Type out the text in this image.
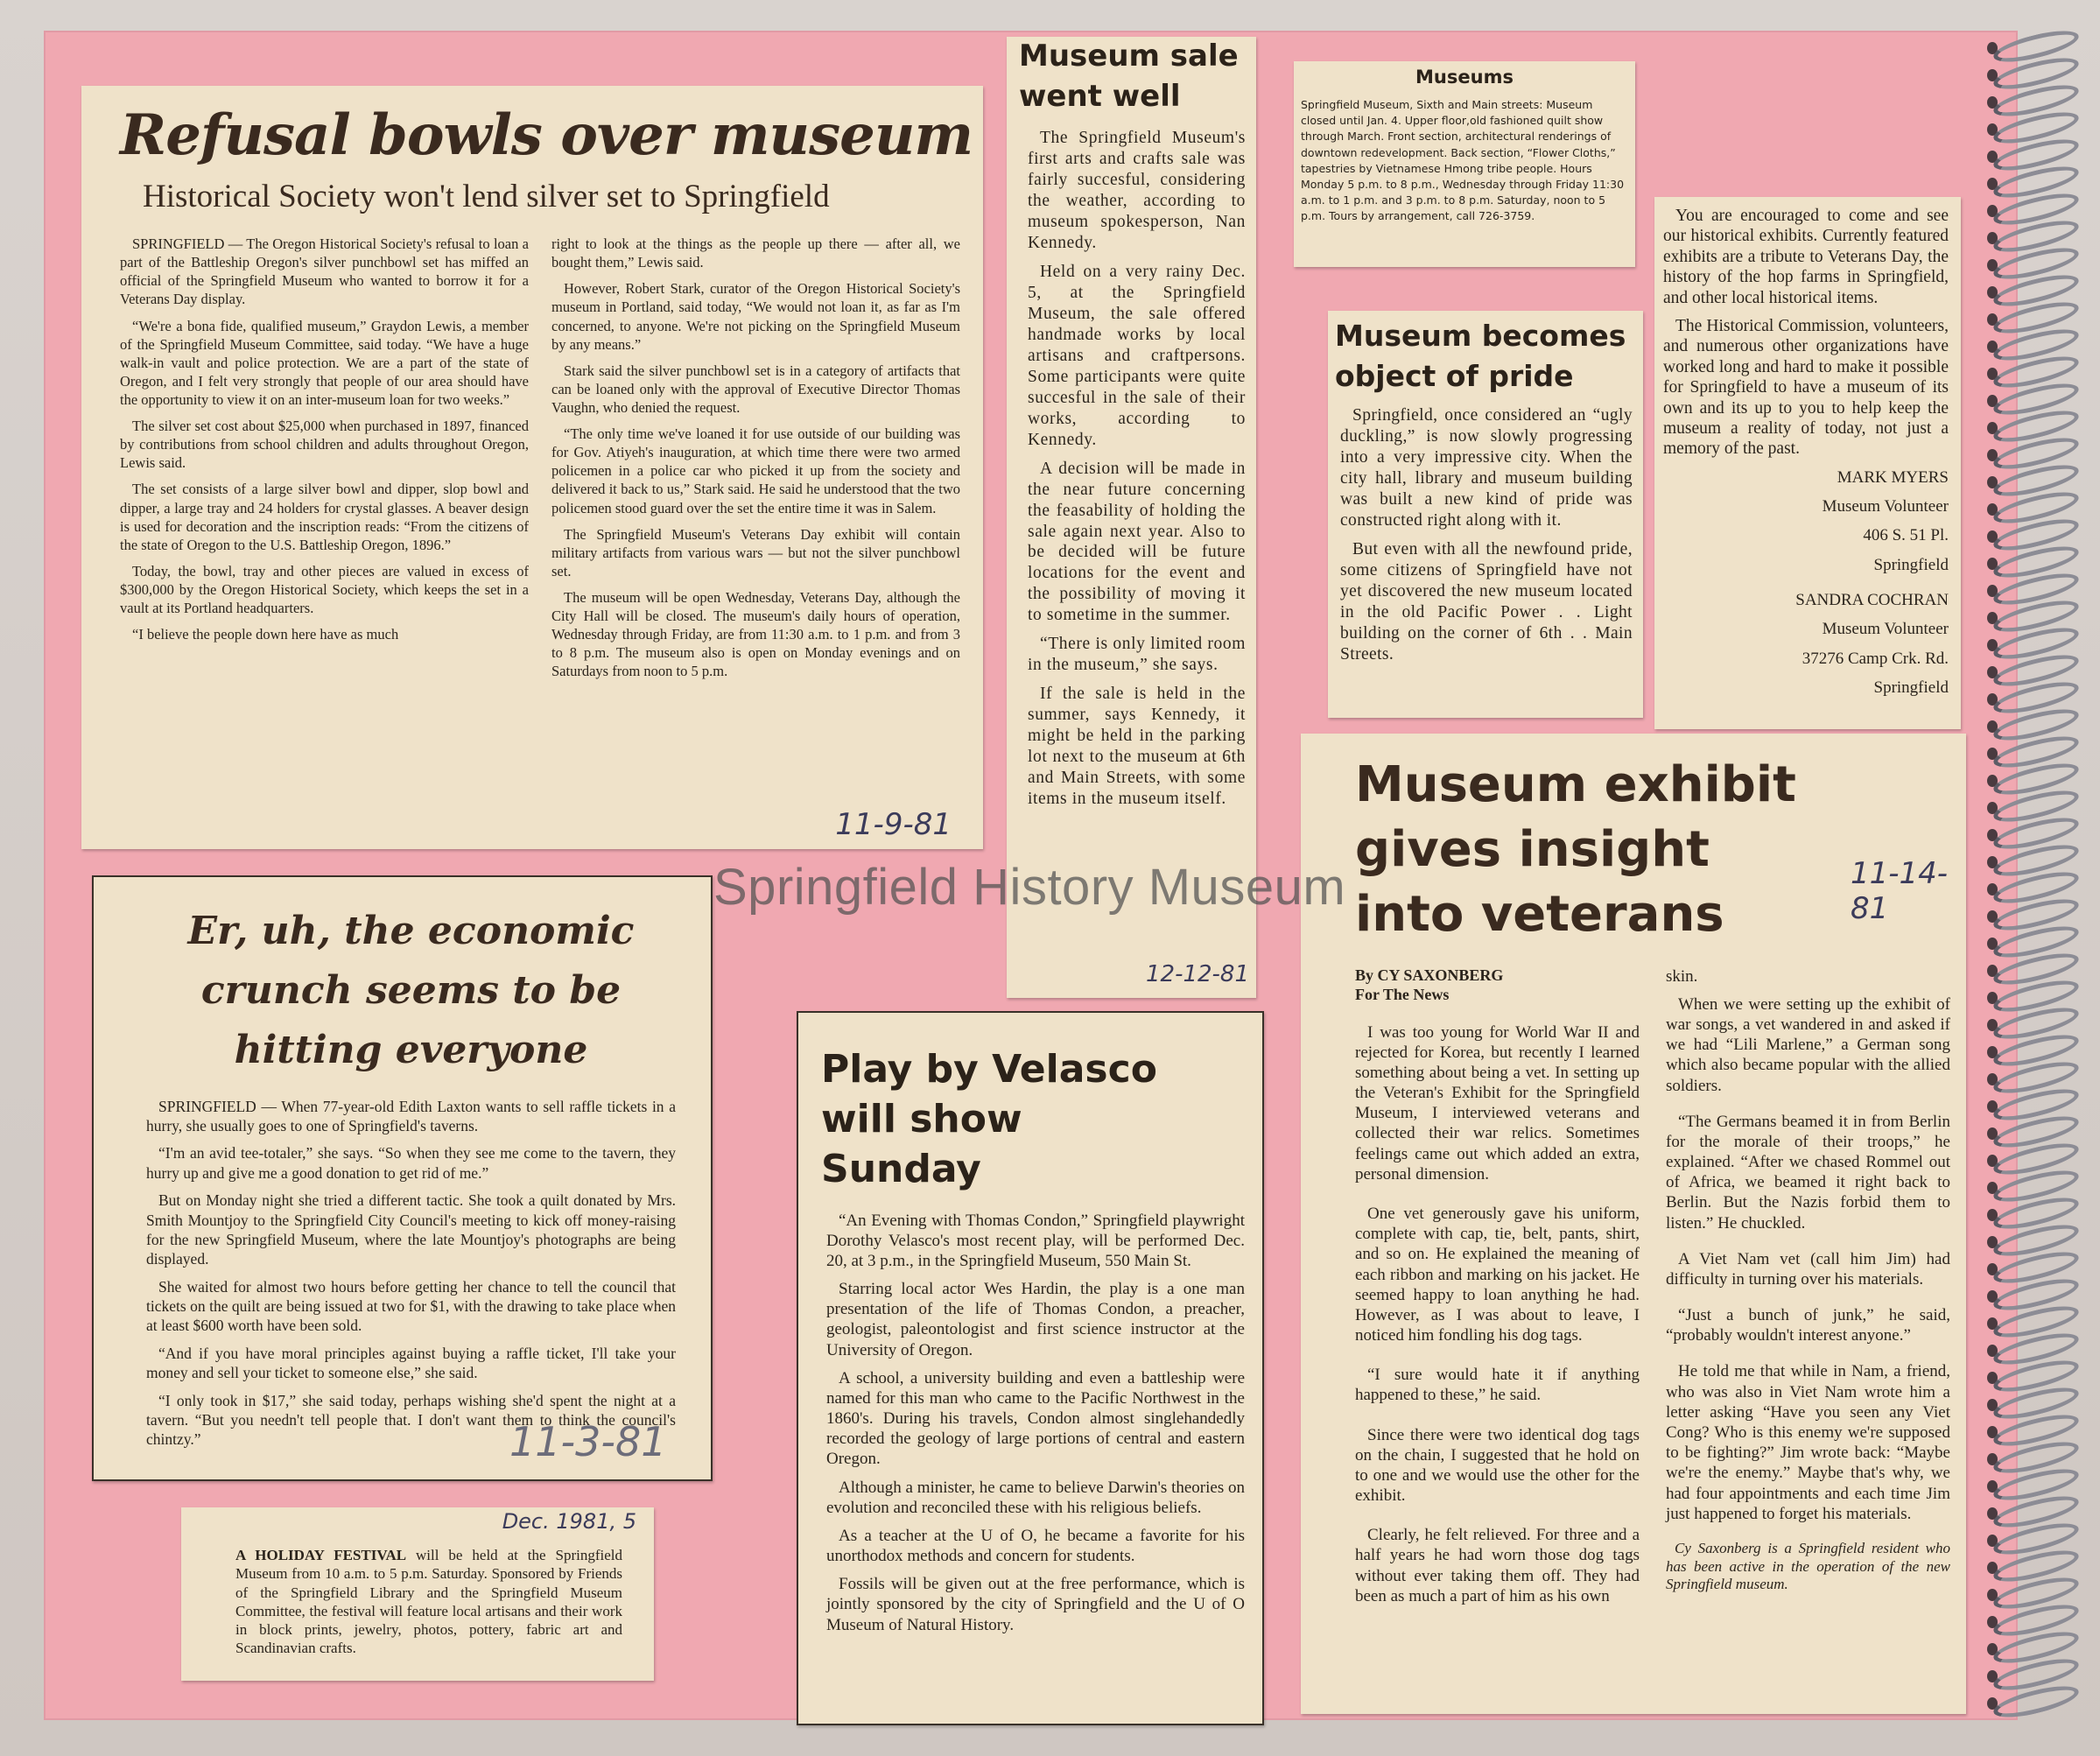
Refusal bowls over museum
Historical Society won't lend silver set to Springfield

SPRINGFIELD — The Oregon Historical Society's refusal to loan a part of the Battleship Oregon's silver punchbowl set has miffed an official of the Springfield Museum who wanted to borrow it for a Veterans Day display.

“We're a bona fide, qualified museum,” Graydon Lewis, a member of the Springfield Museum Committee, said today. “We have a huge walk-in vault and police protection. We are a part of the state of Oregon, and I felt very strongly that people of our area should have the opportunity to view it on an inter-museum loan for two weeks.”

The silver set cost about $25,000 when purchased in 1897, financed by contributions from school children and adults throughout Oregon, Lewis said.

The set consists of a large silver bowl and dipper, slop bowl and dipper, a large tray and 24 holders for crystal glasses. A beaver design is used for decoration and the inscription reads: “From the citizens of the state of Oregon to the U.S. Battleship Oregon, 1896.”

Today, the bowl, tray and other pieces are valued in excess of $300,000 by the Oregon Historical Society, which keeps the set in a vault at its Portland headquarters.

“I believe the people down here have as much

right to look at the things as the people up there — after all, we bought them,” Lewis said.

However, Robert Stark, curator of the Oregon Historical Society's museum in Portland, said today, “We would not loan it, as far as I'm concerned, to anyone. We're not picking on the Springfield Museum by any means.”

Stark said the silver punchbowl set is in a category of artifacts that can be loaned only with the approval of Executive Director Thomas Vaughn, who denied the request.

“The only time we've loaned it for use outside of our building was for Gov. Atiyeh's inauguration, at which time there were two armed policemen in a police car who picked it up from the society and delivered it back to us,” Stark said. He said he understood that the two policemen stood guard over the set the entire time it was in Salem.

The Springfield Museum's Veterans Day exhibit will contain military artifacts from various wars — but not the silver punchbowl set.

The museum will be open Wednesday, Veterans Day, although the City Hall will be closed. The museum's daily hours of operation, Wednesday through Friday, are from 11:30 a.m. to 1 p.m. and from 3 to 8 p.m. The museum also is open on Monday evenings and on Saturdays from noon to 5 p.m.

11-9-81
Museum sale went well

The Springfield Museum's first arts and crafts sale was fairly succesful, considering the weather, according to museum spokesperson, Nan Kennedy.

Held on a very rainy Dec. 5, at the Springfield Museum, the sale offered handmade works by local artisans and craftpersons. Some participants were quite succesful in the sale of their works, according to Kennedy.

A decision will be made in the near future concerning the feasability of holding the sale again next year. Also to be decided will be future locations for the event and the possibility of moving it to sometime in the summer.

“There is only limited room in the museum,” she says.

If the sale is held in the summer, says Kennedy, it might be held in the parking lot next to the museum at 6th and Main Streets, with some items in the museum itself.

12-12-81
Museums
Springfield Museum, Sixth and Main streets: Museum closed until Jan. 4. Upper floor,old fashioned quilt show through March. Front section, architectural renderings of downtown redevelopment. Back section, “Flower Cloths,” tapestries by Vietnamese Hmong tribe people. Hours Monday 5 p.m. to 8 p.m., Wednesday through Friday 11:30 a.m. to 1 p.m. and 3 p.m. to 8 p.m. Saturday, noon to 5 p.m. Tours by arrangement, call 726-3759.
Museum becomes object of pride

Springfield, once considered an “ugly duckling,” is now slowly progressing into a very impressive city. When the city hall, library and museum building was built a new kind of pride was constructed right along with it.

But even with all the newfound pride, some citizens of Springfield have not yet discovered the new museum located in the old Pacific Power . . Light building on the corner of 6th . . Main Streets.

You are encouraged to come and see our historical exhibits. Currently featured exhibits are a tribute to Veterans Day, the history of the hop farms in Springfield, and other local historical items.

The Historical Commission, volunteers, and numerous other organizations have worked long and hard to make it possible for Springfield to have a museum of its own and its up to you to help keep the museum a reality of today, not just a memory of the past.

MARK MYERS

Museum Volunteer

406 S. 51 Pl.

Springfield

SANDRA COCHRAN

Museum Volunteer

37276 Camp Crk. Rd.

Springfield

Er, uh, the economic crunch seems to be hitting everyone

SPRINGFIELD — When 77-year-old Edith Laxton wants to sell raffle tickets in a hurry, she usually goes to one of Springfield's taverns.

“I'm an avid tee-totaler,” she says. “So when they see me come to the tavern, they hurry up and give me a good donation to get rid of me.”

But on Monday night she tried a different tactic. She took a quilt donated by Mrs. Smith Mountjoy to the Springfield City Council's meeting to kick off money-raising for the new Springfield Museum, where the late Mountjoy's photographs are being displayed.

She waited for almost two hours before getting her chance to tell the council that tickets on the quilt are being issued at two for $1, with the drawing to take place when at least $600 worth have been sold.

“And if you have moral principles against buying a raffle ticket, I'll take your money and sell your ticket to someone else,” she said.

“I only took in $17,” she said today, perhaps wishing she'd spent the night at a tavern. “But you needn't tell people that. I don't want them to think the council's chintzy.”	11-3-81
Dec. 1981, 5
A HOLIDAY FESTIVAL will be held at the Springfield Museum from 10 a.m. to 5 p.m. Saturday. Sponsored by Friends of the Springfield Library and the Springfield Museum Committee, the festival will feature local artisans and their work in block prints, jewelry, photos, pottery, fabric art and Scandinavian crafts.
Play by Velasco will show Sunday

“An Evening with Thomas Condon,” Springfield playwright Dorothy Velasco's most recent play, will be performed Dec. 20, at 3 p.m., in the Springfield Museum, 550 Main St.

Starring local actor Wes Hardin, the play is a one man presentation of the life of Thomas Condon, a preacher, geologist, paleontologist and first science instructor at the University of Oregon.

A school, a university building and even a battleship were named for this man who came to the Pacific Northwest in the 1860's. During his travels, Condon almost singlehandedly recorded the geology of large portions of central and eastern Oregon.

Although a minister, he came to believe Darwin's theories on evolution and reconciled these with his religious beliefs.

As a teacher at the U of O, he became a favorite for his unorthodox methods and concern for students.

Fossils will be given out at the free performance, which is jointly sponsored by the city of Springfield and the U of O Museum of Natural History.

Museum exhibit gives insight into veterans
11-14-81
By CY SAXONBERG
For The News

I was too young for World War II and rejected for Korea, but recently I learned something about being a vet. In setting up the Veteran's Exhibit for the Springfield Museum, I interviewed veterans and collected their war relics. Sometimes feelings came out which added an extra, personal dimension.

One vet generously gave his uniform, complete with cap, tie, belt, pants, shirt, and so on. He explained the meaning of each ribbon and marking on his jacket. He seemed happy to loan anything he had. However, as I was about to leave, I noticed him fondling his dog tags.

“I sure would hate it if anything happened to these,” he said.

Since there were two identical dog tags on the chain, I suggested that he hold on to one and we would use the other for the exhibit.

Clearly, he felt relieved. For three and a half years he had worn those dog tags without ever taking them off. They had been as much a part of him as his own

skin.

When we were setting up the exhibit of war songs, a vet wandered in and asked if we had “Lili Marlene,” a German song which also became popular with the allied soldiers.

“The Germans beamed it in from Berlin for the morale of their troops,” he explained. “After we chased Rommel out of Africa, we beamed it right back to Berlin. But the Nazis forbid them to listen.” He chuckled.

A Viet Nam vet (call him Jim) had difficulty in turning over his materials.

“Just a bunch of junk,” he said, “probably wouldn't interest anyone.”

He told me that while in Nam, a friend, who was also in Viet Nam wrote him a letter asking “Have you seen any Viet Cong? Who is this enemy we're supposed to be fighting?” Jim wrote back: “Maybe we're the enemy.” Maybe that's why, we had four appointments and each time Jim just happened to forget his materials.

Cy Saxonberg is a Springfield resident who has been active in the operation of the new Springfield museum.

Springfield History Museum
